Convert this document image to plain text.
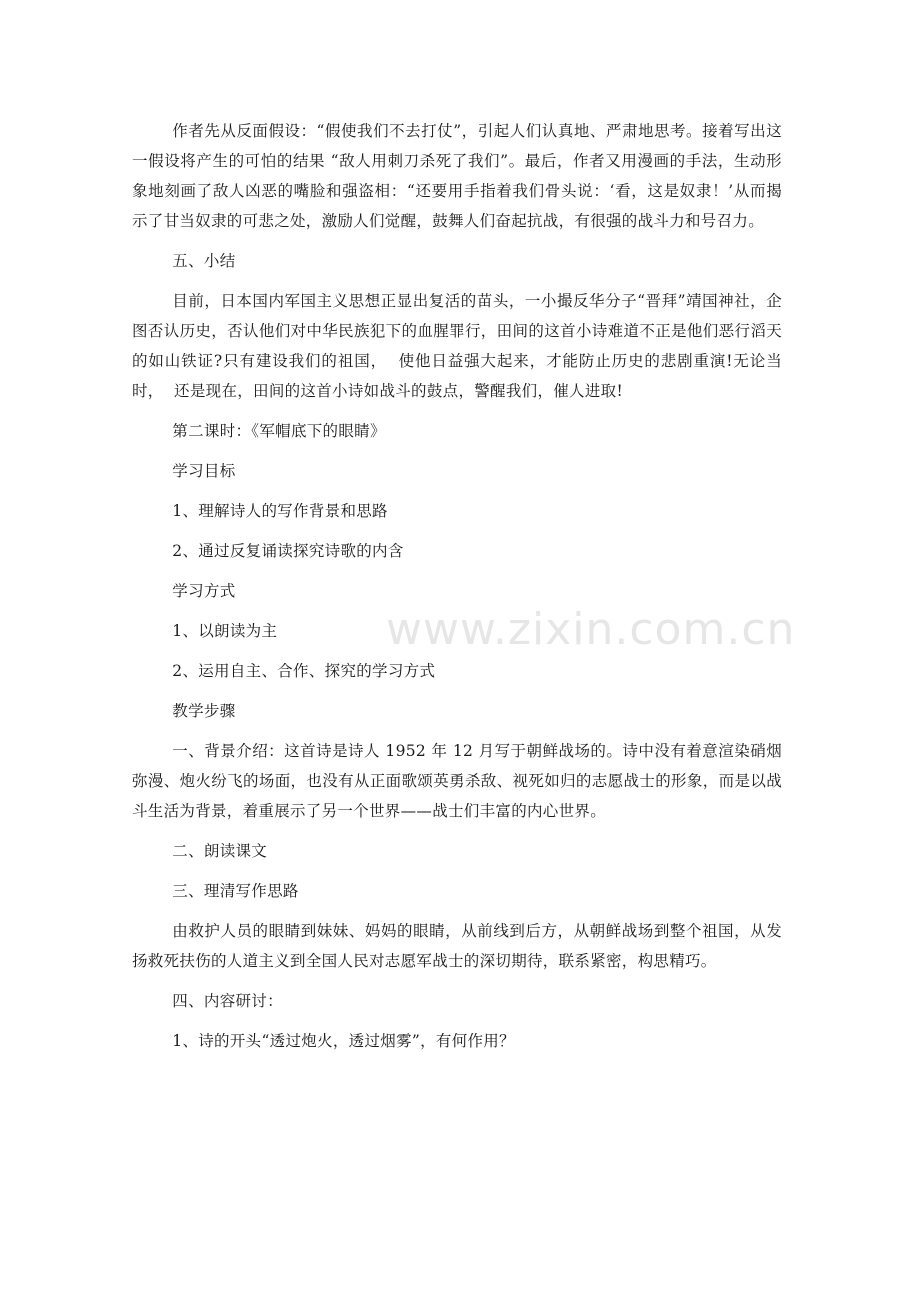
www.zixin.com.cn

作者先从反面假设：“假使我们不去打仗”，引起人们认真地、严肃地思考。接着写出这一假设将产生的可怕的结果 “敌人用刺刀杀死了我们”。最后，作者又用漫画的手法，生动形象地刻画了敌人凶恶的嘴脸和强盗相：“还要用手指着我们骨头说：‘看，这是奴隶！’从而揭示了甘当奴隶的可悲之处，激励人们觉醒，鼓舞人们奋起抗战，有很强的战斗力和号召力。

五、小结

目前，日本国内军国主义思想正显出复活的苗头，一小撮反华分子“晋拜”靖国神社，企图否认历史，否认他们对中华民族犯下的血腥罪行，田间的这首小诗难道不正是他们恶行滔天的如山铁证?只有建设我们的祖国，  使他日益强大起来，才能防止历史的悲剧重演!无论当时，  还是现在，田间的这首小诗如战斗的鼓点，警醒我们，催人进取!

第二课时：《军帽底下的眼睛》

学习目标

1、理解诗人的写作背景和思路

2、通过反复诵读探究诗歌的内含

学习方式

1、以朗读为主

2、运用自主、合作、探究的学习方式

教学步骤

一、背景介绍：这首诗是诗人 1952 年 12 月写于朝鲜战场的。诗中没有着意渲染硝烟弥漫、炮火纷飞的场面，也没有从正面歌颂英勇杀敌、视死如归的志愿战士的形象，而是以战斗生活为背景，着重展示了另一个世界——战士们丰富的内心世界。

二、朗读课文

三、理清写作思路

由救护人员的眼睛到妹妹、妈妈的眼睛，从前线到后方，从朝鲜战场到整个祖国，从发扬救死扶伤的人道主义到全国人民对志愿军战士的深切期待，联系紧密，构思精巧。

四、内容研讨：

1、诗的开头“透过炮火，透过烟雾”，有何作用？
